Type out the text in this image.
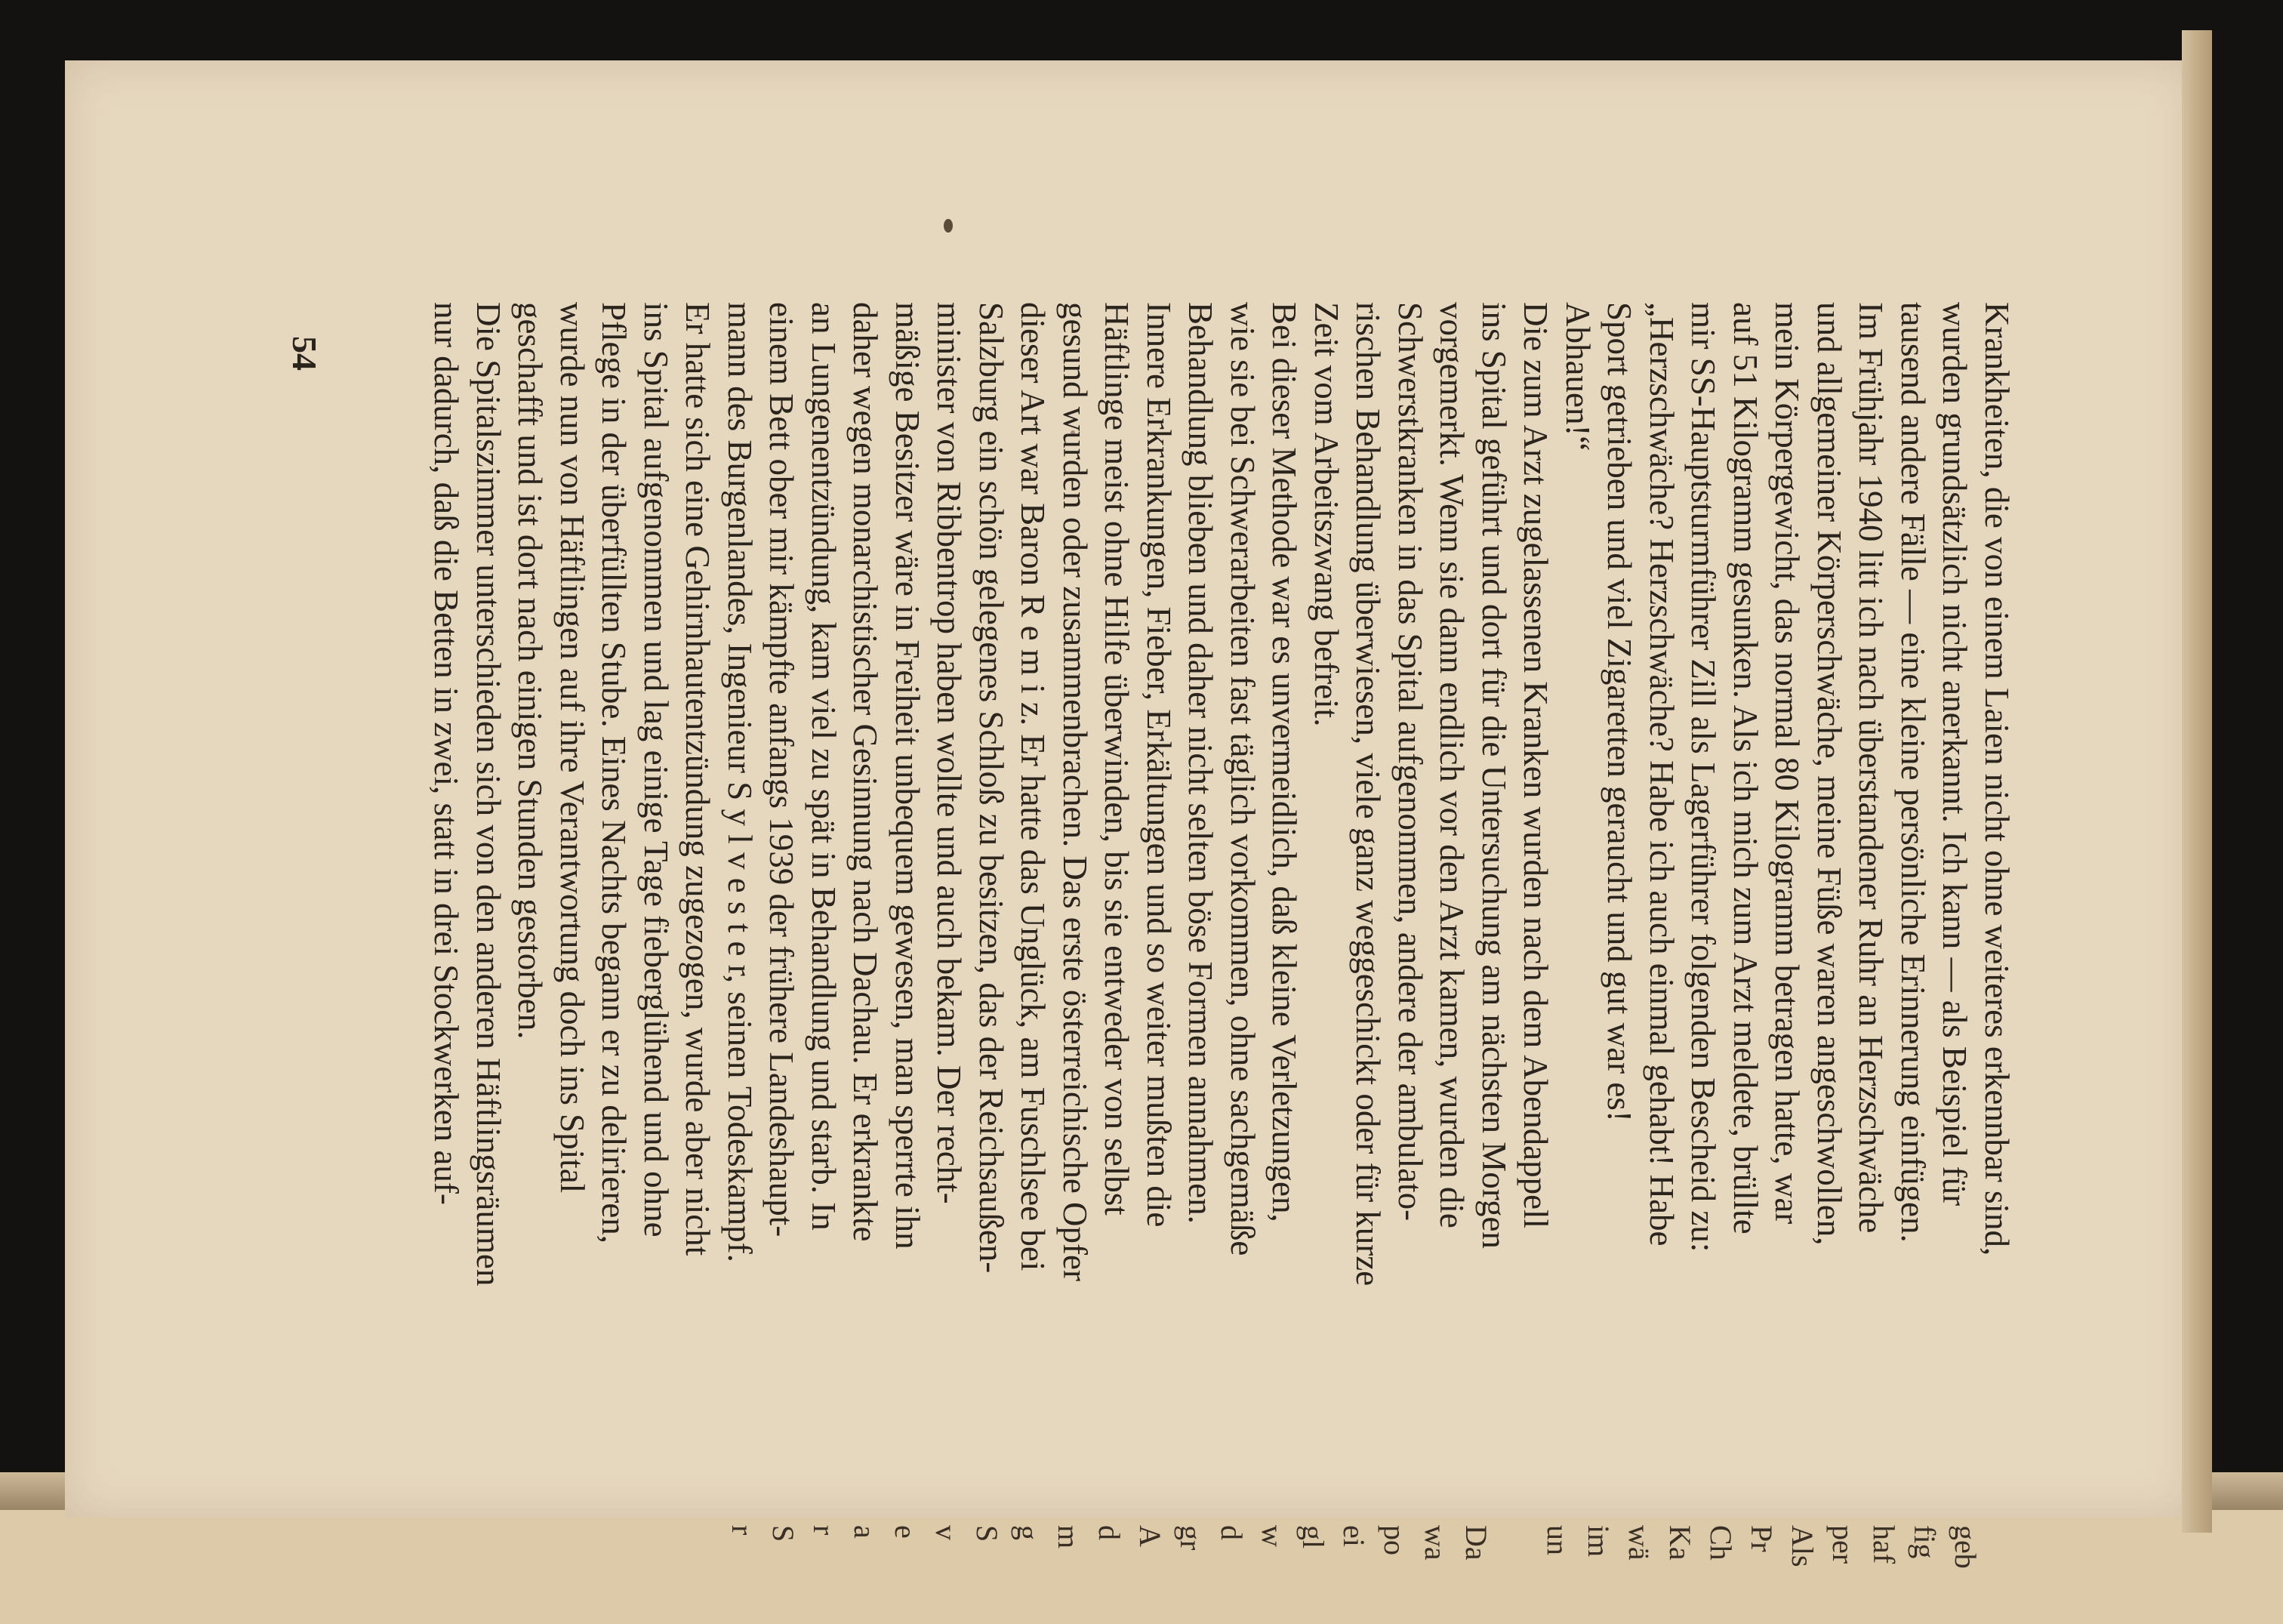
54	Krankheiten, die von einem Laien nicht ohne weiteres erkennbar sind,
wurden grundsätzlich nicht anerkannt. Ich kann — als Beispiel für
tausend andere Fälle — eine kleine persönliche Erinnerung einfügen.
Im Frühjahr 1940 litt ich nach überstandener Ruhr an Herzschwäche
und allgemeiner Körperschwäche, meine Füße waren angeschwollen,
mein Körpergewicht, das normal 80 Kilogramm betragen hatte, war
auf 51 Kilogramm gesunken. Als ich mich zum Arzt meldete, brüllte
mir SS-Hauptsturmführer Zill als Lagerführer folgenden Bescheid zu:
„Herzschwäche? Herzschwäche? Habe ich auch einmal gehabt! Habe
Sport getrieben und viel Zigaretten geraucht und gut war es!
Abhauen!“
Die zum Arzt zugelassenen Kranken wurden nach dem Abendappell
ins Spital geführt und dort für die Untersuchung am nächsten Morgen
vorgemerkt. Wenn sie dann endlich vor den Arzt kamen, wurden die
Schwerstkranken in das Spital aufgenommen, andere der ambulato-
rischen Behandlung überwiesen, viele ganz weggeschickt oder für kurze
Zeit vom Arbeitszwang befreit.
Bei dieser Methode war es unvermeidlich, daß kleine Verletzungen,
wie sie bei Schwerarbeiten fast täglich vorkommen, ohne sachgemäße
Behandlung blieben und daher nicht selten böse Formen annahmen.
Innere Erkrankungen, Fieber, Erkältungen und so weiter mußten die
Häftlinge meist ohne Hilfe überwinden, bis sie entweder von selbst
gesund wurden oder zusammenbrachen. Das erste österreichische Opfer
dieser Art war Baron R e m i z. Er hatte das Unglück, am Fuschlsee bei
Salzburg ein schön gelegenes Schloß zu besitzen, das der Reichsaußen-
minister von Ribbentrop haben wollte und auch bekam. Der recht-
mäßige Besitzer wäre in Freiheit unbequem gewesen, man sperrte ihn
daher wegen monarchistischer Gesinnung nach Dachau. Er erkrankte
an Lungenentzündung, kam viel zu spät in Behandlung und starb. In
einem Bett ober mir kämpfte anfangs 1939 der frühere Landeshaupt-
mann des Burgenlandes, Ingenieur S y l v e s t e r, seinen Todeskampf.
Er hatte sich eine Gehirnhautentzündung zugezogen, wurde aber nicht
ins Spital aufgenommen und lag einige Tage fieberglühend und ohne
Pflege in der überfüllten Stube. Eines Nachts begann er zu delirieren,
wurde nun von Häftlingen auf ihre Verantwortung doch ins Spital
geschafft und ist dort nach einigen Stunden gestorben.
Die Spitalszimmer unterschieden sich von den anderen Häftlingsräumen
nur dadurch, daß die Betten in zwei, statt in drei Stockwerken auf-
geb
fig
haf
per
Als
Pr
Ch
Ka
wä
im
un
Da
wa
po
ei
gl
w
d
gr
A
d
m
g
S
v
e
a
r
S
r
